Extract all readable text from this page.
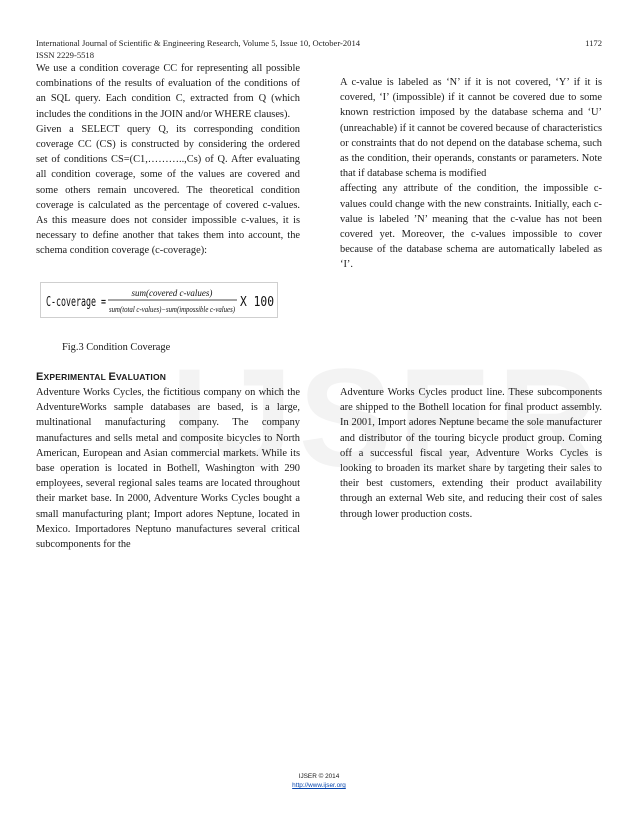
International Journal of Scientific & Engineering Research, Volume 5, Issue 10, October-2014
ISSN 2229-5518
1172

We use a condition coverage CC for representing all possible combinations of the results of evaluation of the conditions of an SQL query. Each condition C, extracted from Q (which includes the conditions in the JOIN and/or WHERE clauses).

Given a SELECT query Q, its corresponding condition coverage CC (CS) is constructed by considering the ordered set of conditions CS=(C1,………..,Cs) of Q. After evaluating all condition coverage, some of the values are covered and some others remain uncovered. The theoretical condition coverage is calculated as the percentage of covered c-values. As this measure does not consider impossible c-values, it is necessary to define another that takes them into account, the schema condition coverage (c-coverage):

C-coverage =
sum(covered c-values)
sum(total c-values)−sum(impossible c-values) X 100
Fig.3 Condition Coverage

A c-value is labeled as ‘N’ if it is not covered, ‘Y’ if it is covered, ‘I’ (impossible) if it cannot be covered due to some known restriction imposed by the database schema and ‘U’ (unreachable) if it cannot be covered because of characteristics or constraints that do not depend on the database schema, such as the condition, their operands, constants or parameters. Note that if database schema is modified

affecting any attribute of the condition, the impossible c-values could change with the new constraints. Initially, each c-value is labeled ’N’ meaning that the c-value has not been covered yet. Moreover, the c-values impossible to cover because of the database schema are automatically labeled as ‘I’.

EXPERIMENTAL EVALUATION

Adventure Works Cycles, the fictitious company on which the AdventureWorks sample databases are based, is a large, multinational manufacturing company. The company manufactures and sells metal and composite bicycles to North American, European and Asian commercial markets. While its base operation is located in Bothell, Washington with 290 employees, several regional sales teams are located throughout their market base. In 2000, Adventure Works Cycles bought a small manufacturing plant; Import adores Neptune, located in Mexico. Importadores Neptuno manufactures several critical subcomponents for the

Adventure Works Cycles product line. These subcomponents are shipped to the Bothell location for final product assembly. In 2001, Import adores Neptune became the sole manufacturer and distributor of the touring bicycle product group. Coming off a successful fiscal year, Adventure Works Cycles is looking to broaden its market share by targeting their sales to their best customers, extending their product availability through an external Web site, and reducing their cost of sales through lower production costs.

IJSER © 2014
http://www.ijser.org
